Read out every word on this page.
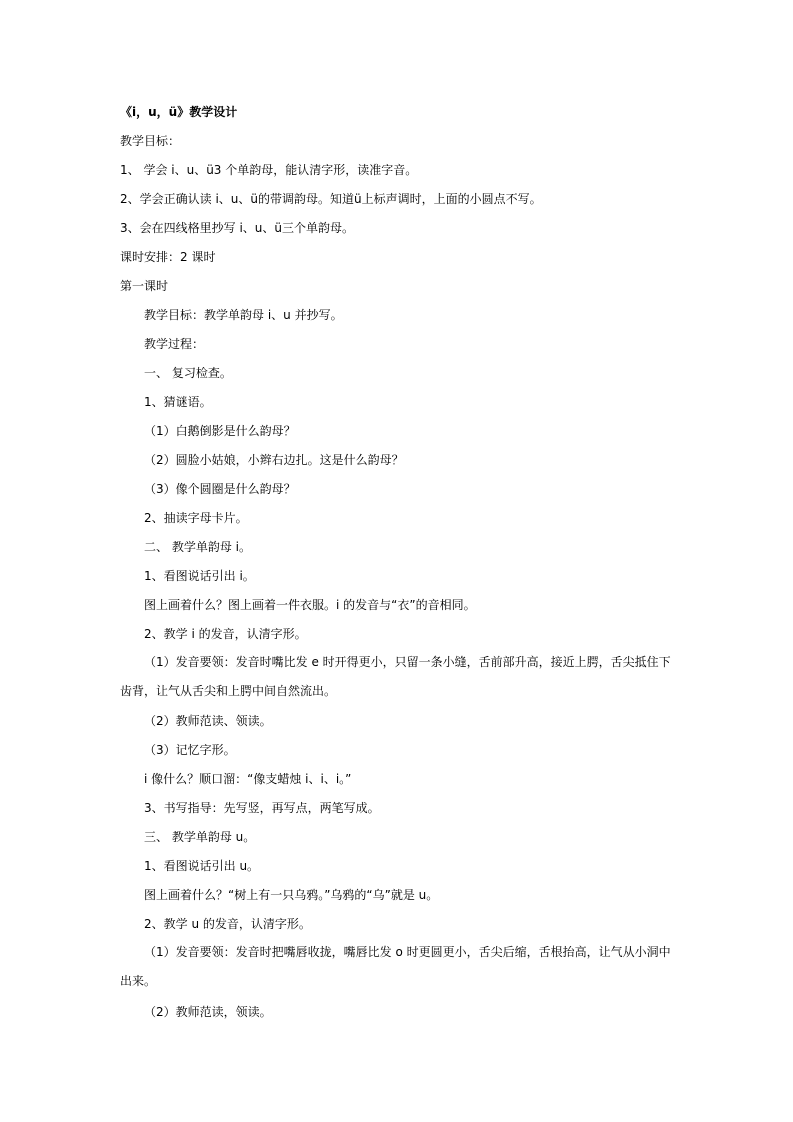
《i，u，ü》教学设计
教学目标：
1、 学会 i、u、ü3 个单韵母，能认清字形，读准字音。
2、学会正确认读 i、u、ü的带调韵母。知道ü上标声调时，上面的小圆点不写。
3、会在四线格里抄写 i、u、ü三个单韵母。
课时安排：2 课时
第一课时
教学目标：教学单韵母 i、u 并抄写。
教学过程：
一、 复习检查。
1、猜谜语。
（1）白鹅倒影是什么韵母？
（2）圆脸小姑娘，小辫右边扎。这是什么韵母？
（3）像个圆圈是什么韵母？
2、抽读字母卡片。
二、 教学单韵母 i。
1、看图说话引出 i。
图上画着什么？图上画着一件衣服。i 的发音与“衣”的音相同。
2、教学 i 的发音，认清字形。
（1）发音要领：发音时嘴比发 e 时开得更小，只留一条小缝，舌前部升高，接近上腭，舌尖抵住下齿背，让气从舌尖和上腭中间自然流出。
（2）教师范读、领读。
（3）记忆字形。
i 像什么？顺口溜：“像支蜡烛 i、i、i。”
3、书写指导：先写竖，再写点，两笔写成。
三、 教学单韵母 u。
1、看图说话引出 u。
图上画着什么？“树上有一只乌鸦。”乌鸦的“乌”就是 u。
2、教学 u 的发音，认清字形。
（1）发音要领：发音时把嘴唇收拢，嘴唇比发 o 时更圆更小，舌尖后缩，舌根抬高，让气从小洞中出来。
（2）教师范读，领读。
